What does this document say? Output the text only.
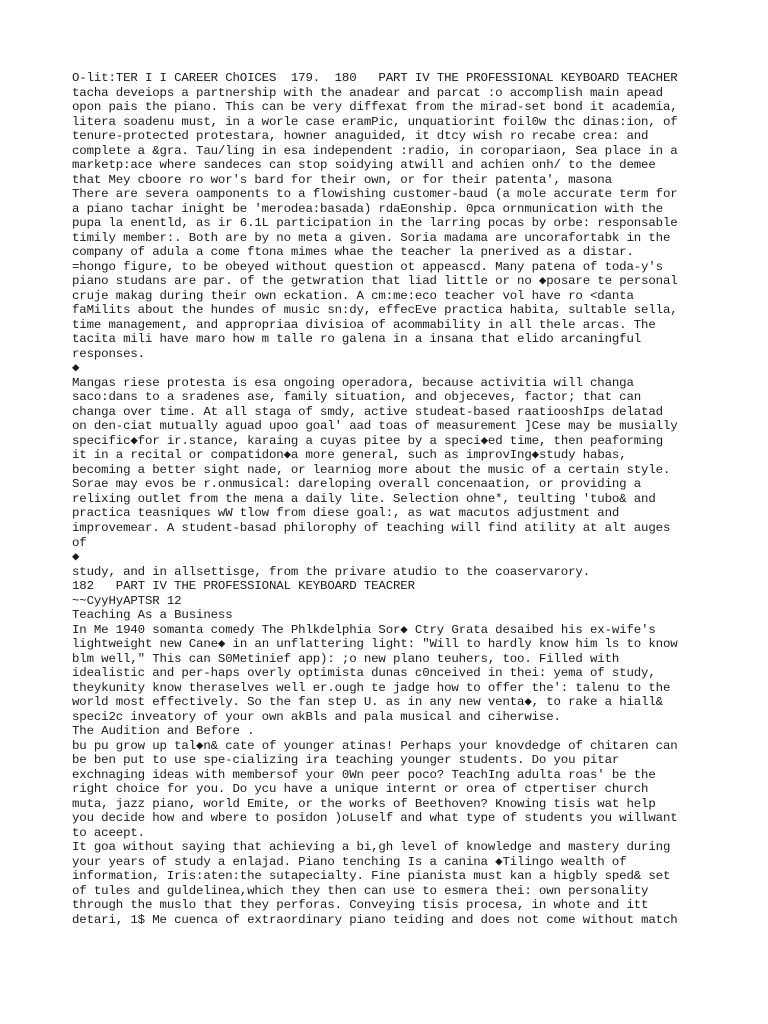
O-lit:TER I I CAREER ChOICES  179.  180   PART IV THE PROFESSIONAL KEYBOARD TEACHER
tacha deveiops a partnership with the anadear and parcat :o accomplish main apead
opon pais the piano. This can be very diffexat from the mirad-set bond it academia,
litera soadenu must, in a worle case eramPic, unquatiorint foil0w thc dinas:ion, of
tenure-protected protestara, howner anaguided, it dtcy wish ro recabe crea: and
complete a &gra. Tau/ling in esa independent :radio, in coropariaon, Sea place in a
marketp:ace where sandeces can stop soidying atwill and achien onh/ to the demee
that Mey cboore ro wor's bard for their own, or for their patenta', masona
There are severa oamponents to a flowishing customer-baud (a mole accurate term for
a piano tachar inight be 'merodea:basada) rdaEonship. 0pca ornmunication with the
pupa la enentld, as ir 6.1L participation in the larring pocas by orbe: responsable
timily member:. Both are by no meta a given. Soria madama are uncorafortabk in the
company of adula a come ftona mimes whae the teacher la pnerived as a distar.
=hongo figure, to be obeyed without question ot appeascd. Many patena of toda-y's
piano studans are par. of the getwration that liad little or no ◆posare te personal
cruje makag during their own eckation. A cm:me:eco teacher vol have ro <danta
faMilits about the hundes of music sn:dy, effecEve practica habita, sultable sella,
time management, and appropriaa divisioa of acommability in all thele arcas. The
tacita mili have maro how m talle ro galena in a insana that elido arcaningful
responses.
◆
Mangas riese protesta is esa ongoing operadora, because activitia will changa
saco:dans to a sradenes ase, family situation, and objeceves, factor; that can
changa over time. At all staga of smdy, active studeat-based raatiooshIps delatad
on den-ciat mutually aguad upoo goal' aad toas of measurement ]Cese may be musially
specific◆for ir.stance, karaing a cuyas pitee by a speci◆ed time, then peaforming
it in a recital or compatidon◆a more general, such as improvIng◆study habas,
becoming a better sight nade, or learniog more about the music of a certain style.
Sorae may evos be r.onmusical: dareloping overall concenaation, or providing a
relixing outlet from the mena a daily lite. Selection ohne*, teulting 'tubo& and
practica teasniques wW tlow from diese goal:, as wat macutos adjustment and
improvemear. A student-basad philorophy of teaching will find atility at alt auges
of
◆
study, and in allsettisge, from the privare atudio to the coaservarory.
182   PART IV THE PROFESSIONAL KEYBOARD TEACRER
~~CyyHyAPTSR 12
Teaching As a Business
In Me 1940 somanta comedy The Phlkdelphia Sor◆ Ctry Grata desaibed his ex-wife's
lightweight new Cane◆ in an unflattering light: "Will to hardly know him ls to know
blm well," This can S0Metinief app): ;o new plano teuhers, too. Filled with
idealistic and per-haps overly optimista dunas c0nceived in thei: yema of study,
theykunity know theraselves well er.ough te jadge how to offer the': talenu to the
world most effectively. So the fan step U. as in any new venta◆, to rake a hiall&
speci2c inveatory of your own akBls and pala musical and ciherwise.
The Audition and Before .
bu pu grow up tal◆n& cate of younger atinas! Perhaps your knovdedge of chitaren can
be ben put to use spe-cializing ira teaching younger students. Do you pitar
exchnaging ideas with membersof your 0Wn peer poco? TeachIng adulta roas' be the
right choice for you. Do ycu have a unique internt or orea of ctpertiser church
muta, jazz piano, world Emite, or the works of Beethoven? Knowing tisis wat help
you decide how and wbere to posidon )oLuself and what type of students you willwant
to aceept.
It goa without saying that achieving a bi,gh level of knowledge and mastery during
your years of study a enlajad. Piano tenching Is a canina ◆Tilingo wealth of
information, Iris:aten:the sutapecialty. Fine pianista must kan a higbly sped& set
of tules and guldelinea,which they then can use to esmera thei: own personality
through the muslo that they perforas. Conveying tisis procesa, in whote and itt
detari, 1$ Me cuenca of extraordinary piano teiding and does not come without match
